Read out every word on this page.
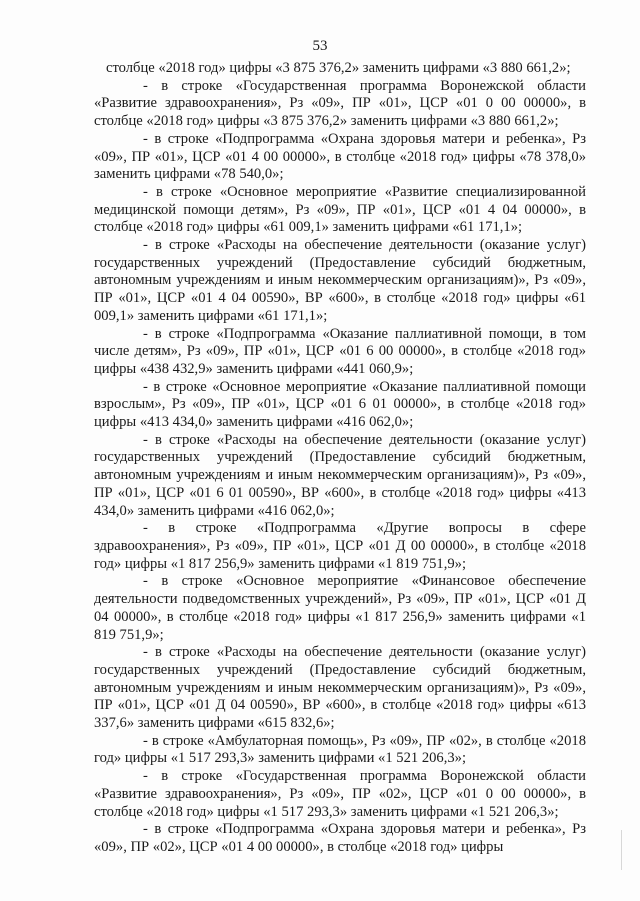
53

столбце «2018 год» цифры «3 875 376,2» заменить цифрами «3 880 661,2»;

- в строке «Государственная программа Воронежской области «Развитие здравоохранения», Рз «09», ПР «01», ЦСР «01 0 00 00000», в столбце «2018 год» цифры «3 875 376,2» заменить цифрами «3 880 661,2»;

- в строке «Подпрограмма «Охрана здоровья матери и ребенка», Рз «09», ПР «01», ЦСР «01 4 00 00000», в столбце «2018 год» цифры «78 378,0» заменить цифрами «78 540,0»;

- в строке «Основное мероприятие «Развитие специализированной медицинской помощи детям», Рз «09», ПР «01», ЦСР «01 4 04 00000», в столбце «2018 год» цифры «61 009,1» заменить цифрами «61 171,1»;

- в строке «Расходы на обеспечение деятельности (оказание услуг) государственных учреждений (Предоставление субсидий бюджетным, автономным учреждениям и иным некоммерческим организациям)», Рз «09», ПР «01», ЦСР «01 4 04 00590», ВР «600», в столбце «2018 год» цифры «61 009,1» заменить цифрами «61 171,1»;

- в строке «Подпрограмма «Оказание паллиативной помощи, в том числе детям», Рз «09», ПР «01», ЦСР «01 6 00 00000», в столбце «2018 год» цифры «438 432,9» заменить цифрами «441 060,9»;

- в строке «Основное мероприятие «Оказание паллиативной помощи взрослым», Рз «09», ПР «01», ЦСР «01 6 01 00000», в столбце «2018 год» цифры «413 434,0» заменить цифрами «416 062,0»;

- в строке «Расходы на обеспечение деятельности (оказание услуг) государственных учреждений (Предоставление субсидий бюджетным, автономным учреждениям и иным некоммерческим организациям)», Рз «09», ПР «01», ЦСР «01 6 01 00590», ВР «600», в столбце «2018 год» цифры «413 434,0» заменить цифрами «416 062,0»;

- в строке «Подпрограмма «Другие вопросы в сфере здравоохранения», Рз «09», ПР «01», ЦСР «01 Д 00 00000», в столбце «2018 год» цифры «1 817 256,9» заменить цифрами «1 819 751,9»;

- в строке «Основное мероприятие «Финансовое обеспечение деятельности подведомственных учреждений», Рз «09», ПР «01», ЦСР «01 Д 04 00000», в столбце «2018 год» цифры «1 817 256,9» заменить цифрами «1 819 751,9»;

- в строке «Расходы на обеспечение деятельности (оказание услуг) государственных учреждений (Предоставление субсидий бюджетным, автономным учреждениям и иным некоммерческим организациям)», Рз «09», ПР «01», ЦСР «01 Д 04 00590», ВР «600», в столбце «2018 год» цифры «613 337,6» заменить цифрами «615 832,6»;

- в строке «Амбулаторная помощь», Рз «09», ПР «02», в столбце «2018 год» цифры «1 517 293,3» заменить цифрами «1 521 206,3»;

- в строке «Государственная программа Воронежской области «Развитие здравоохранения», Рз «09», ПР «02», ЦСР «01 0 00 00000», в столбце «2018 год» цифры «1 517 293,3» заменить цифрами «1 521 206,3»;

- в строке «Подпрограмма «Охрана здоровья матери и ребенка», Рз «09», ПР «02», ЦСР «01 4 00 00000», в столбце «2018 год» цифры
